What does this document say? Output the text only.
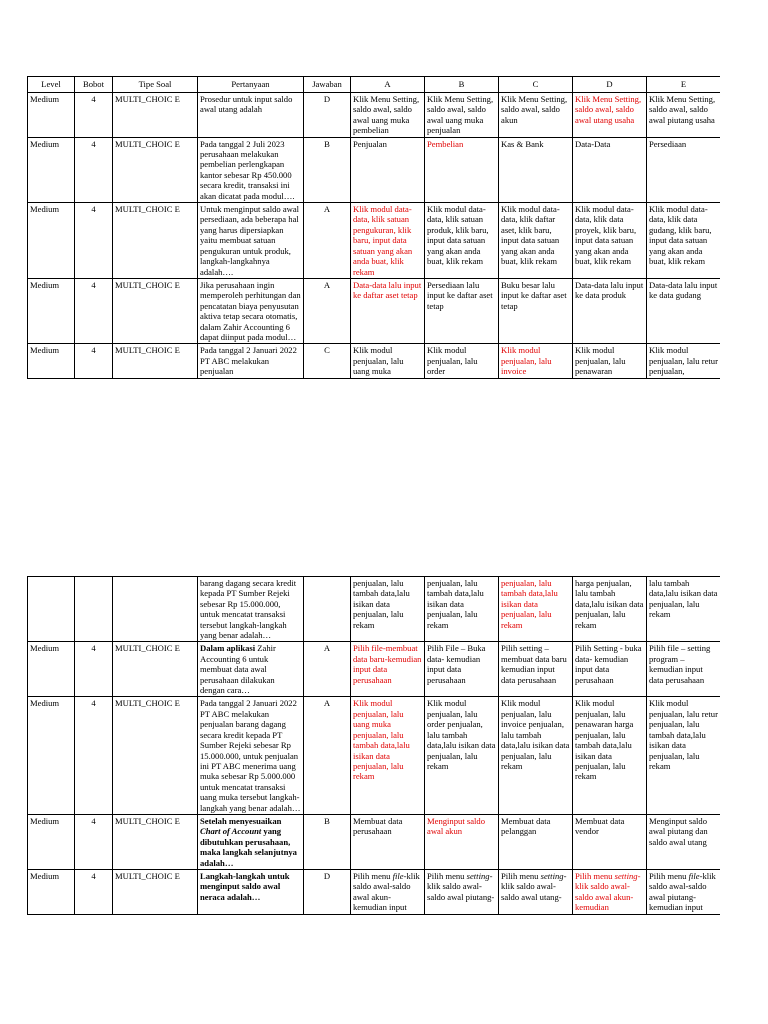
Level	Bobot	Tipe Soal	Pertanyaan	Jawaban	A	B	C	D	E
Medium	4	MULTI_CHOIC E	Prosedur untuk input saldo awal utang adalah	D	Klik Menu Setting, saldo awal, saldo awal uang muka pembelian	Klik Menu Setting, saldo awal, saldo awal uang muka penjualan	Klik Menu Setting, saldo awal, saldo akun	Klik Menu Setting, saldo awal, saldo awal utang usaha	Klik Menu Setting, saldo awal, saldo awal piutang usaha
Medium	4	MULTI_CHOIC E	Pada tanggal 2 Juli 2023 perusahaan melakukan pembelian perlengkapan kantor sebesar Rp 450.000 secara kredit, transaksi ini akan dicatat pada modul….	B	Penjualan	Pembelian	Kas & Bank	Data-Data	Persediaan
Medium	4	MULTI_CHOIC E	Untuk menginput saldo awal persediaan, ada beberapa hal yang harus dipersiapkan yaitu membuat satuan pengukuran untuk produk, langkah-langkahnya adalah….	A	Klik modul data-data, klik satuan pengukuran, klik baru, input data satuan yang akan anda buat, klik rekam	Klik modul data-data, klik satuan produk, klik baru, input data satuan yang akan anda buat, klik rekam	Klik modul data-data, klik daftar aset, klik baru, input data satuan yang akan anda buat, klik rekam	Klik modul data-data, klik data proyek, klik baru, input data satuan yang akan anda buat, klik rekam	Klik modul data-data, klik data gudang, klik baru, input data satuan yang akan anda buat, klik rekam
Medium	4	MULTI_CHOIC E	Jika perusahaan ingin memperoleh perhitungan dan pencatatan biaya penyusutan aktiva tetap secara otomatis, dalam Zahir Accounting 6 dapat diinput pada modul…	A	Data-data lalu input ke daftar aset tetap	Persediaan lalu input ke daftar aset tetap	Buku besar lalu input ke daftar aset tetap	Data-data lalu input ke data produk	Data-data lalu input ke data gudang
Medium	4	MULTI_CHOIC E	Pada tanggal 2 Januari 2022 PT ABC melakukan penjualan	C	Klik modul penjualan, lalu uang muka	Klik modul penjualan, lalu order	Klik modul penjualan, lalu invoice	Klik modul penjualan, lalu penawaran	Klik modul penjualan, lalu retur penjualan,
			barang dagang secara kredit kepada PT Sumber Rejeki sebesar Rp 15.000.000, untuk mencatat transaksi tersebut langkah-langkah yang benar adalah…		penjualan, lalu tambah data,lalu isikan data penjualan, lalu rekam	penjualan, lalu tambah data,lalu isikan data penjualan, lalu rekam	penjualan, lalu tambah data,lalu isikan data penjualan, lalu rekam	harga penjualan, lalu tambah data,lalu isikan data penjualan, lalu rekam	lalu tambah data,lalu isikan data penjualan, lalu rekam
Medium	4	MULTI_CHOIC E	Dalam aplikasi Zahir Accounting 6 untuk membuat data awal perusahaan dilakukan dengan cara…	A	Pilih file-membuat data baru-kemudian input data perusahaan	Pilih File – Buka data- kemudian input data perusahaan	Pilih setting – membuat data baru kemudian input data perusahaan	Pilih Setting - buka data- kemudian input data perusahaan	Pilih file – setting program – kemudian input data perusahaan
Medium	4	MULTI_CHOIC E	Pada tanggal 2 Januari 2022 PT ABC melakukan penjualan barang dagang secara kredit kepada PT Sumber Rejeki sebesar Rp 15.000.000, untuk penjualan ini PT ABC menerima uang muka sebesar Rp 5.000.000 untuk mencatat transaksi uang muka tersebut langkah-langkah yang benar adalah…	A	Klik modul penjualan, lalu uang muka penjualan, lalu tambah data,lalu isikan data penjualan, lalu rekam	Klik modul penjualan, lalu order penjualan, lalu tambah data,lalu isikan data penjualan, lalu rekam	Klik modul penjualan, lalu invoice penjualan, lalu tambah data,lalu isikan data penjualan, lalu rekam	Klik modul penjualan, lalu penawaran harga penjualan, lalu tambah data,lalu isikan data penjualan, lalu rekam	Klik modul penjualan, lalu retur penjualan, lalu tambah data,lalu isikan data penjualan, lalu rekam
Medium	4	MULTI_CHOIC E	Setelah menyesuaikan Chart of Account yang dibutuhkan perusahaan, maka langkah selanjutnya adalah…	B	Membuat data perusahaan	Menginput saldo awal akun	Membuat data pelanggan	Membuat data vendor	Menginput saldo awal piutang dan saldo awal utang
Medium	4	MULTI_CHOIC E	Langkah-langkah untuk menginput saldo awal neraca adalah…	D	Pilih menu file-klik saldo awal-saldo awal akun-kemudian input	Pilih menu setting-klik saldo awal-saldo awal piutang-	Pilih menu setting-klik saldo awal-saldo awal utang-	Pilih menu setting-klik saldo awal-saldo awal akun-kemudian	Pilih menu file-klik saldo awal-saldo awal piutang-kemudian input
